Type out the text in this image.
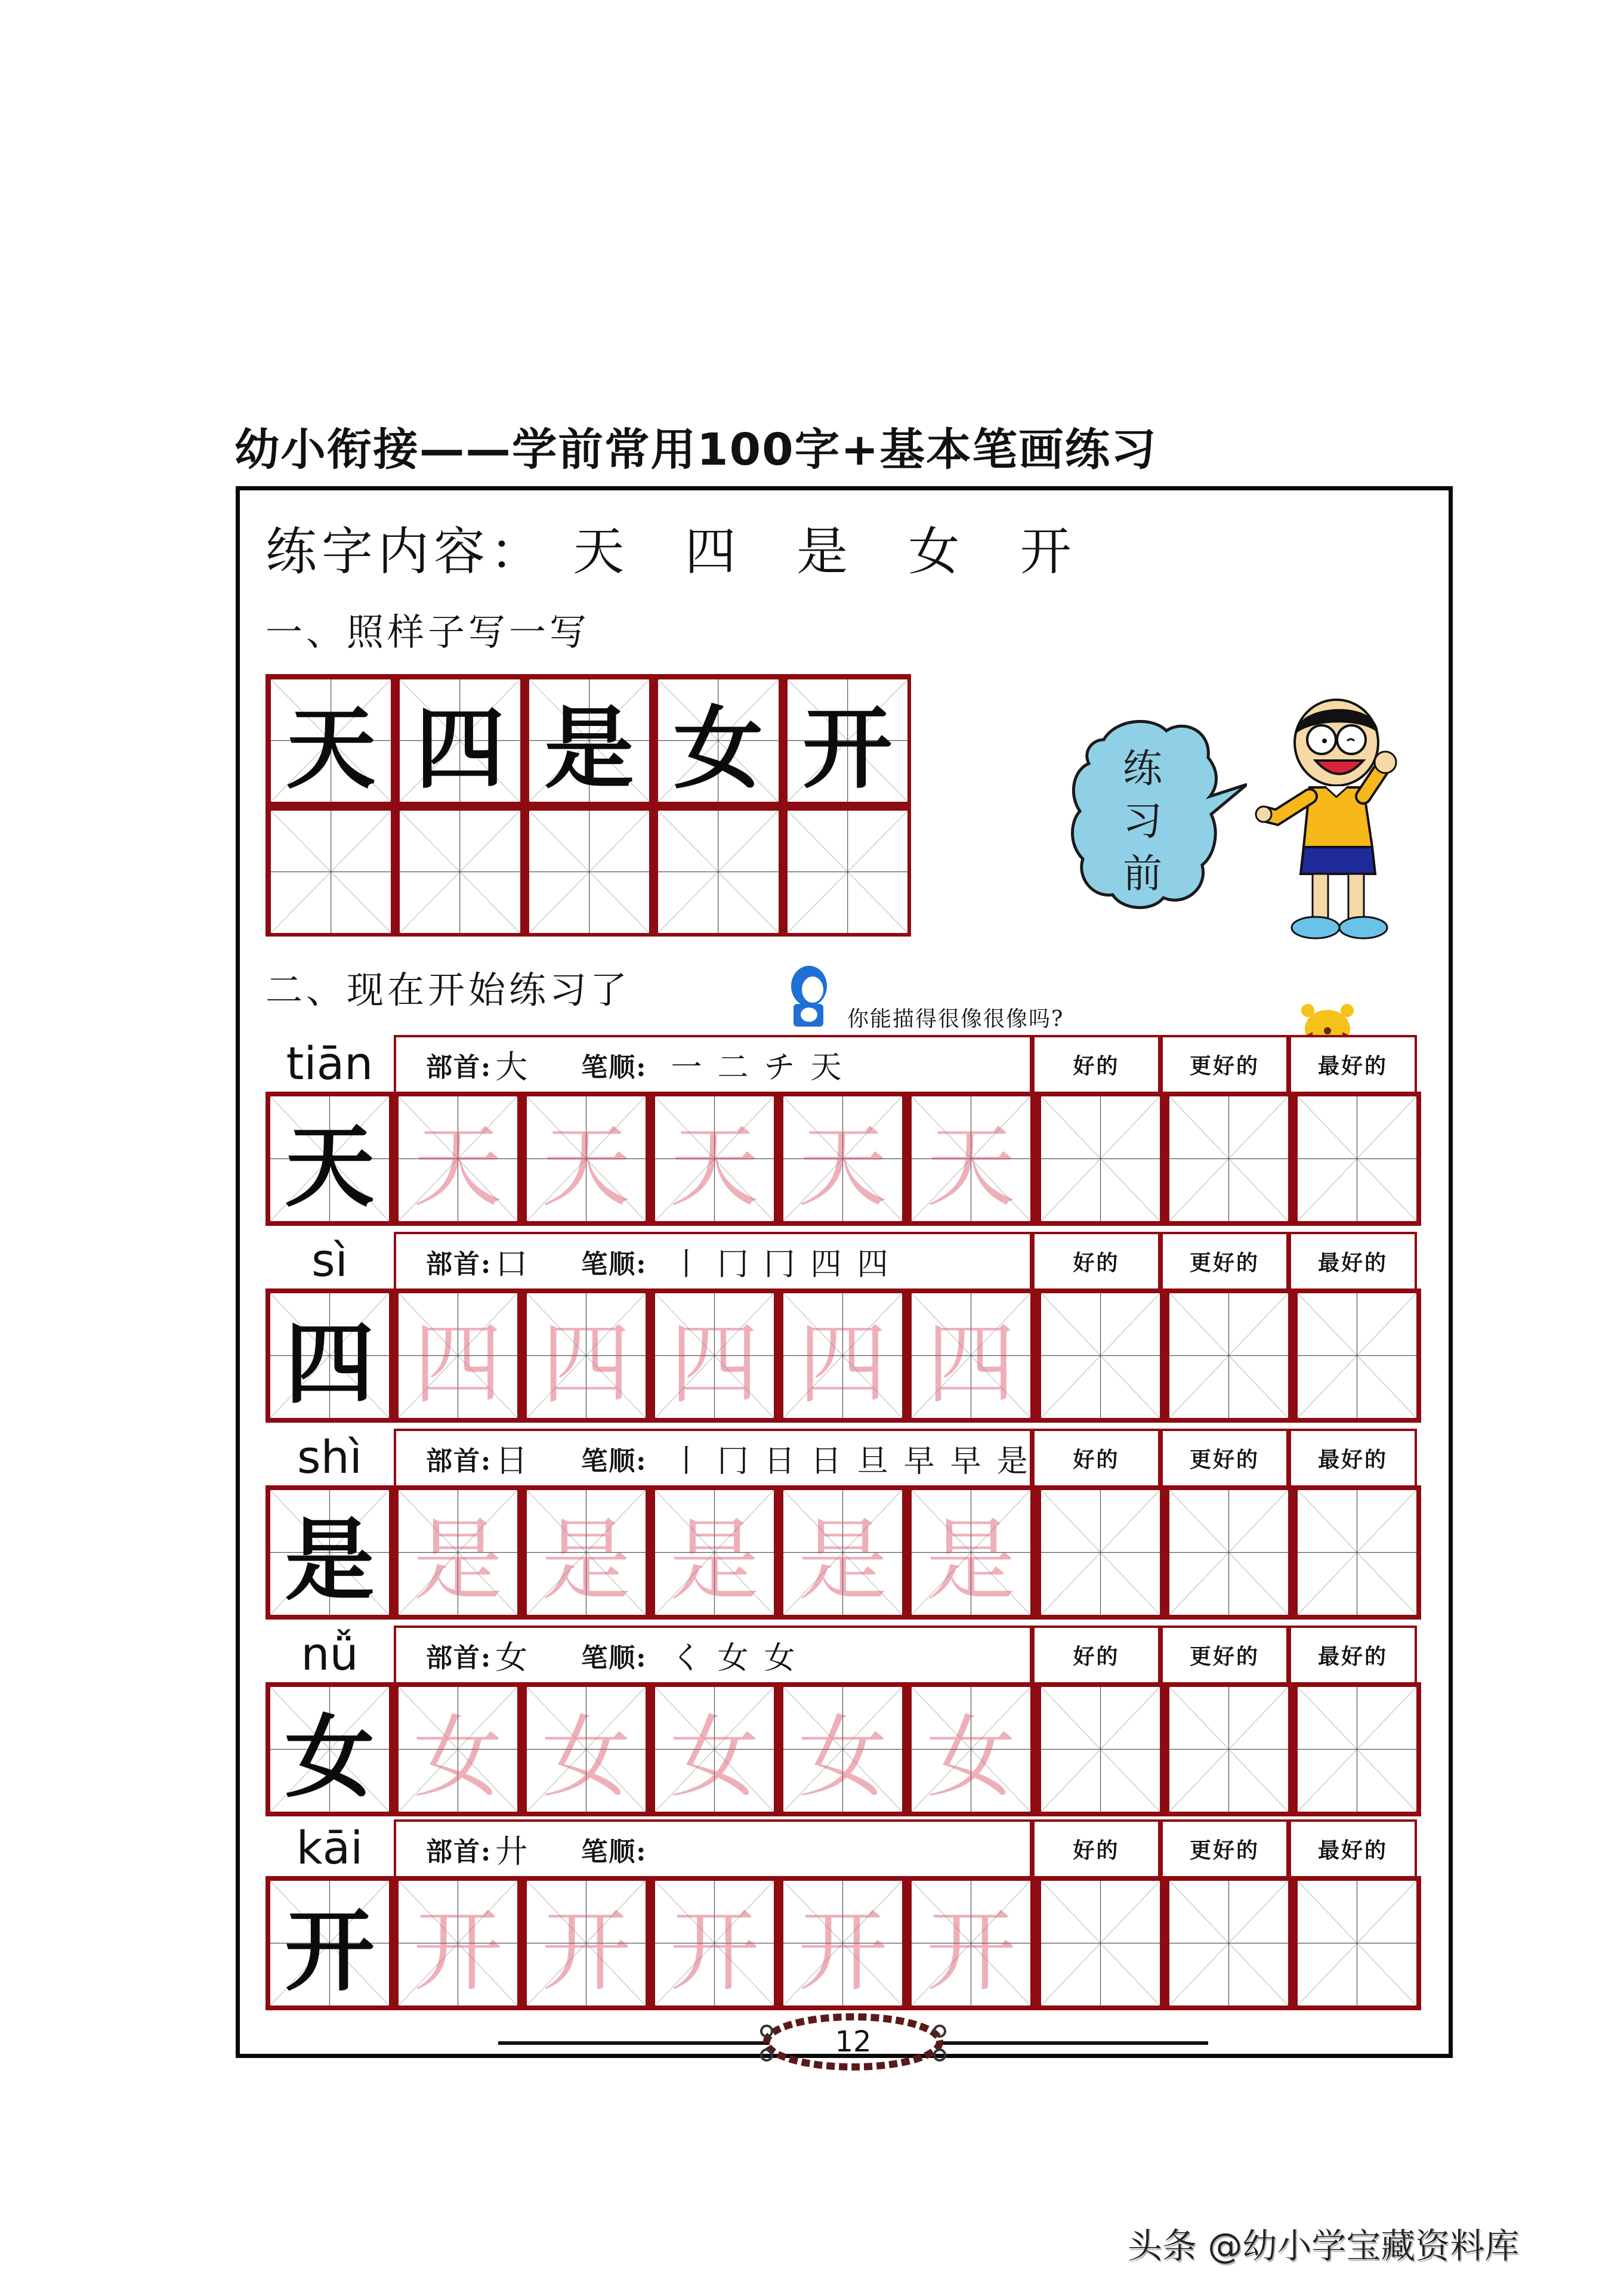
幼小衔接——学前常用100字+基本笔画练习
练字内容： 天 四 是 女 开
一、照样子写一写
天 四 是 女 开	练习前
二、现在开始练习了
你能描得很像很像吗?
tiān	部首: 大 笔顺: 一 二 チ 天	好的	更好的	最好的
天 天 天 天 天 天
sì	部首: 口 笔顺: 丨 冂 冂 四 四	好的	更好的	最好的
四 四 四 四 四 四
shì	部首: 日 笔顺: 丨 冂 日 日 旦 早 早 是	好的	更好的	最好的
是 是 是 是 是 是
nǚ	部首: 女 笔顺: く 女 女	好的	更好的	最好的
女 女 女 女 女 女
kāi	部首: 廾 笔顺:	好的	更好的	最好的
开 开 开 开 开 开
12
头条 @幼小学宝藏资料库
